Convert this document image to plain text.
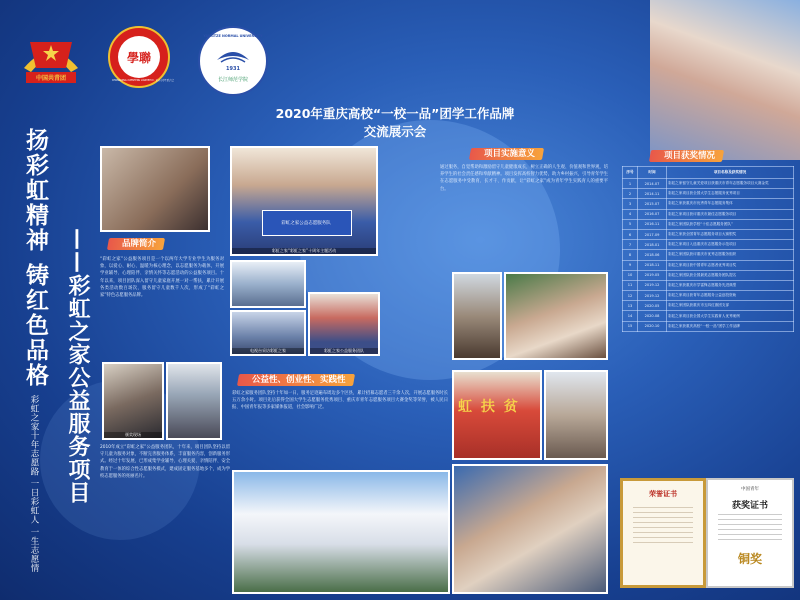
中国共青团
學聯
CHONGQING XUESHENG LIANHEHUI · 重庆市学生联合会
YANGTZE NORMAL UNIVERSITY
1931
长江师范学院
2020年重庆高校“一校一品”团学工作品牌
交流展示会
扬彩虹精神 铸红色品格 ——彩虹之家公益服务项目
彩虹之家十年志愿路 一日彩虹人 一生志愿情
品牌简介
“彩虹之家”公益服务项目是一个以两年大学专业学生为服务对象，以爱心、耐心、温暖为核心理念，以志愿服务为载体，开展学业辅导、心理陪伴、亲情关怀等志愿活动的公益服务项目。十年以来，项目团队深入留守儿童家庭开展一对一帮扶，累计开展各类活动数百场次，服务留守儿童数千人次，形成了“彩虹之家”特色志愿服务品牌。
颁奖现场
2010年成立“彩虹之家”公益服务团队，十年来，项目团队坚持以留守儿童为服务对象，不断完善服务体系，丰富服务内容，创新服务形式。经过十年发展，已形成集学业辅导、心理关爱、亲情陪伴、安全教育于一体的综合性志愿服务模式，建成固定服务基地多个，成为学校志愿服务的亮丽名片。
彩虹之家公益志愿服务队
彩虹之家“彩虹之家”十周年主题活动
电视台采访彩虹之家	彩虹之家公益服务团队
公益性、创业性、实践性
彩虹之家服务团队坚持十年如一日，服务足迹遍布周边多个区县，累计招募志愿者三千余人次，开展志愿服务时长五万余小时。项目先后获得全国大学生志愿服务优秀项目、重庆市青年志愿服务项目大赛金奖等荣誉，被人民日报、中国青年报等多家媒体报道，社会影响广泛。
项目实施意义
通过服务，自觉帮助和激励留守儿童健康成长，树立正确的人生观、价值观和世界观，培养学生的社会责任感和奉献精神。项目发挥高校智力优势，助力乡村振兴，引导青年学生在志愿服务中受教育、长才干、作贡献，让“彩虹之家”成为青年学生实践育人的重要平台。
虹 扶 贫
项目获奖情况
序号	时间	项目名称及获奖情况
1	2014.07	彩虹之家留守儿童关爱项目获重庆市青年志愿服务项目大赛金奖
2	2014.11	彩虹之家项目获全国大学生志愿服务优秀项目
3	2015.07	彩虹之家获重庆市优秀青年志愿服务集体
4	2016.07	彩虹之家项目获评重庆市最佳志愿服务项目
5	2016.11	彩虹之家团队获学校“十佳志愿服务团队”
6	2017.09	彩虹之家获全国青年志愿服务项目大赛银奖
7	2018.01	彩虹之家项目入选重庆市志愿服务示范项目
8	2018.06	彩虹之家团队获评重庆市优秀志愿服务组织
9	2018.11	彩虹之家项目获中国青年志愿者优秀项目奖
10	2019.05	彩虹之家团队获全国最美志愿服务团队提名
11	2019.12	彩虹之家获重庆市学雷锋志愿服务先进典型
12	2019.12	彩虹之家项目获青年志愿服务公益创投资助
13	2020.05	彩虹之家团队获重庆市五四红旗团支部
14	2020.08	彩虹之家项目获全国大学生实践育人优秀案例
15	2020.10	彩虹之家获重庆高校“一校一品”团学工作品牌
荣誉证书
中国青年
获奖证书
铜奖
